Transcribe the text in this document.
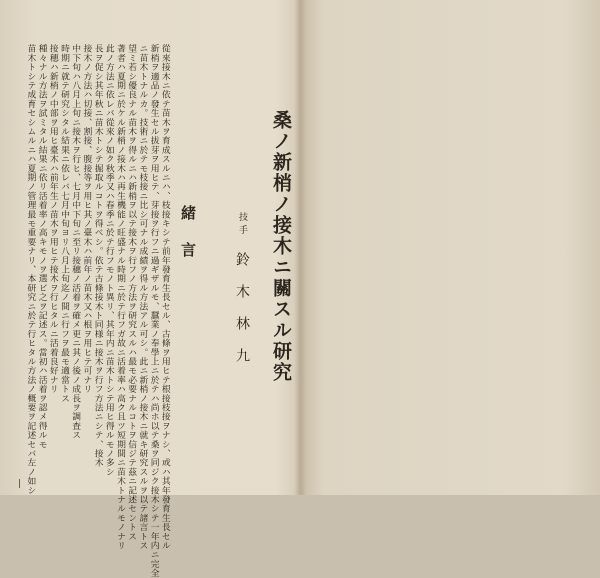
從來接木ニ依テ苗木ヲ育成スルニハ、枝接キシテ前年發育生長セル、古條ヲ用ヒテ根接枝接ヲナシ、或ハ其年發育生長セル
新梢ヲ適品ノ發生セル拔芽ヲ用ヒテ、芽接ヲ行フニ過ギザルモ、蠶業ノ奉學上ニ於テハ尚ホ以テ桑ヲ同ジク接木シテ一年内ニ完全
ニ苗木トナルカ。技術ニ於テモ枝接ニ比シ可ナル成績ヲ得ル方法アル可シ。此ニ新梢ノ接木ニ就キ研究スルヲ以テ諸言トス
望ミ若シ優良ナル苗木ヲ得ルニハ新梢ヲ以テ接木ヲ行フノ方法ヲ研究スルハ最モ必要ナルコトヲ信ジテ茲ニ記述セントス
著者ハ夏期ニ於ケル新梢ノ接木ハ再生機能ノ旺盛ナル時期ニ於テ行フガ故ニ活着率ハ高ク且ツ短期間ニ苗木トナルモノナリ
此ノ方法ニ依レバ從來ノ如ク秋季又ハ春季ニ於テ行フモノト異リ、其年内ニ苗木トシテ用ヒ得ルモノ多シ
長ヲ促シ其年秋ニ苗木トシテ掘取ルコトヲ得ベシ。依テ古條接木ト同様ニ接木ヲ行フ方法ニシテ、接木
接木ノ方法ハ切接、割接、腹接等ヲ用ヒ其ノ臺木ハ前年ノ苗木又ハ根ヲ用ヒテ可ナリ
中下旬ハ八月上旬ニ接木ヲ行ヒ、七月中下旬ニ至リ接穗ノ活着ヲ確メ更ニ其ノ後ノ成長ヲ調査ス
時期ニ就テ研究シタル結果ニ依レバ七月中旬ヨリ八月上旬迄ノ間ニ行フヲ最モ適當トス
接穗ハ新梢ノ中部ヲ用ヒ臺木ハ前年生ノ苗木ヲ用ヒテ接木ヲ行ヒタルニ活着良好ナリ
種々ナル方法ヲ試ミタル結果ニ依リ活着率ノ高キモノヲ選ビ之ヲ記述ス。當初ハ活着ヲ認メ得ルモ
苗木トシテ成育セシムルニハ夏期ノ管理最モ重要ナリ、本研究ニ於テ行ヒタル方法ノ概要ヲ記述セバ左ノ如シ	緒言	桑ノ新梢ノ接木ニ關スル研究
技手鈴木林九
